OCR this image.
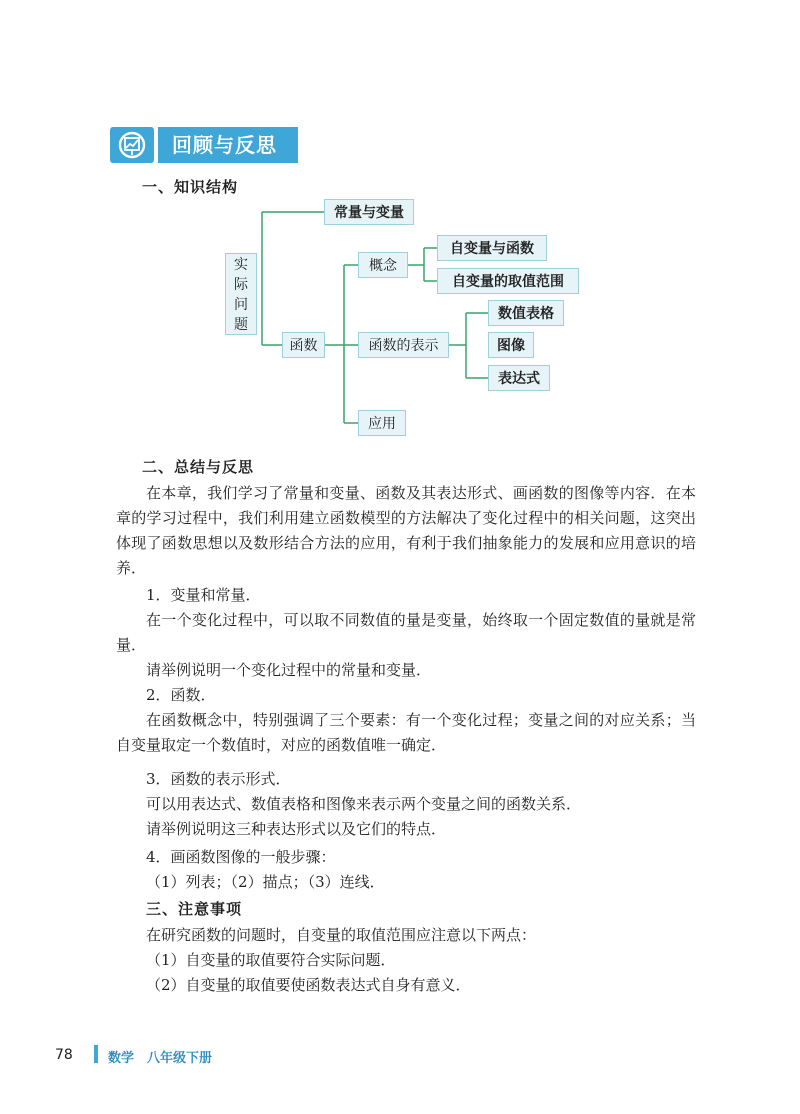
回顾与反思
一、知识结构
实
际
问
题
常量与变量
函数
概念
函数的表示
应用
自变量与函数
自变量的取值范围
数值表格
图像
表达式
二、总结与反思
在本章，我们学习了常量和变量、函数及其表达形式、画函数的图像等内容．在本章的学习过程中，我们利用建立函数模型的方法解决了变化过程中的相关问题，这突出体现了函数思想以及数形结合方法的应用，有利于我们抽象能力的发展和应用意识的培养．
1．变量和常量．
在一个变化过程中，可以取不同数值的量是变量，始终取一个固定数值的量就是常量．
请举例说明一个变化过程中的常量和变量．
2．函数．
在函数概念中，特别强调了三个要素：有一个变化过程；变量之间的对应关系；当自变量取定一个数值时，对应的函数值唯一确定．
3．函数的表示形式．
可以用表达式、数值表格和图像来表示两个变量之间的函数关系．
请举例说明这三种表达形式以及它们的特点．
4．画函数图像的一般步骤：
（1）列表；（2）描点；（3）连线．
三、注意事项
在研究函数的问题时，自变量的取值范围应注意以下两点：
（1）自变量的取值要符合实际问题．
（2）自变量的取值要使函数表达式自身有意义．
78	数学　八年级下册
